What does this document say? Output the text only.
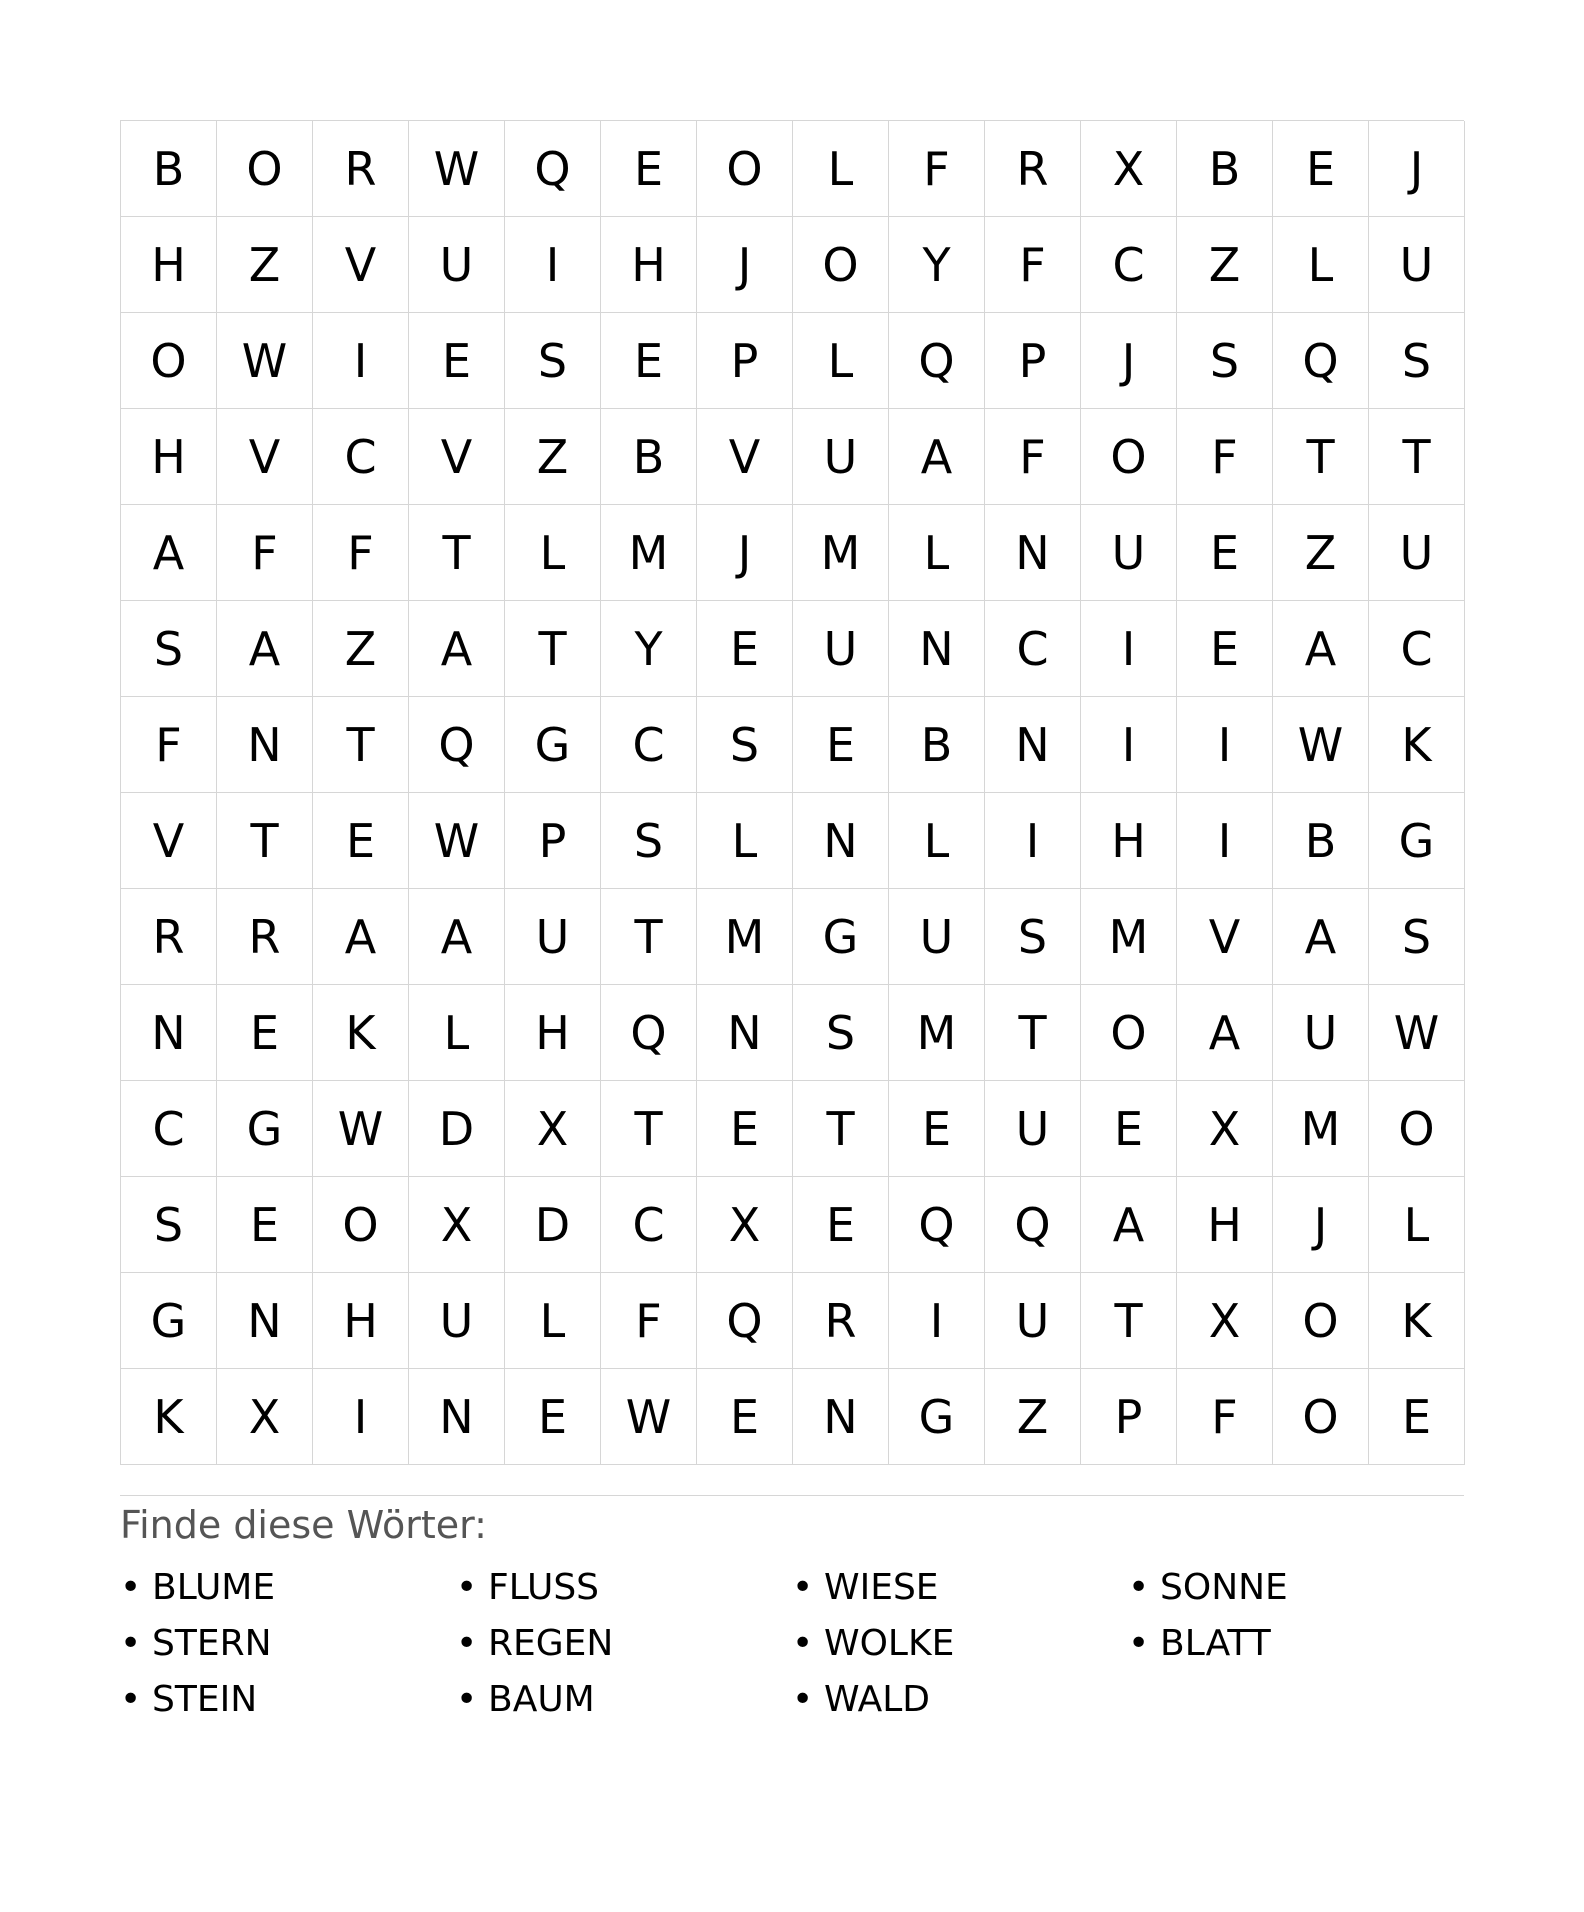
B	O	R	W	Q	E	O	L	F	R	X	B	E	J
H	Z	V	U	I	H	J	O	Y	F	C	Z	L	U
O	W	I	E	S	E	P	L	Q	P	J	S	Q	S
H	V	C	V	Z	B	V	U	A	F	O	F	T	T
A	F	F	T	L	M	J	M	L	N	U	E	Z	U
S	A	Z	A	T	Y	E	U	N	C	I	E	A	C
F	N	T	Q	G	C	S	E	B	N	I	I	W	K
V	T	E	W	P	S	L	N	L	I	H	I	B	G
R	R	A	A	U	T	M	G	U	S	M	V	A	S
N	E	K	L	H	Q	N	S	M	T	O	A	U	W
C	G	W	D	X	T	E	T	E	U	E	X	M	O
S	E	O	X	D	C	X	E	Q	Q	A	H	J	L
G	N	H	U	L	F	Q	R	I	U	T	X	O	K
K	X	I	N	E	W	E	N	G	Z	P	F	O	E
Finde diese Wörter:
• BLUME	• FLUSS	• WIESE	• SONNE
• STERN	• REGEN	• WOLKE	• BLATT
• STEIN	• BAUM	• WALD
